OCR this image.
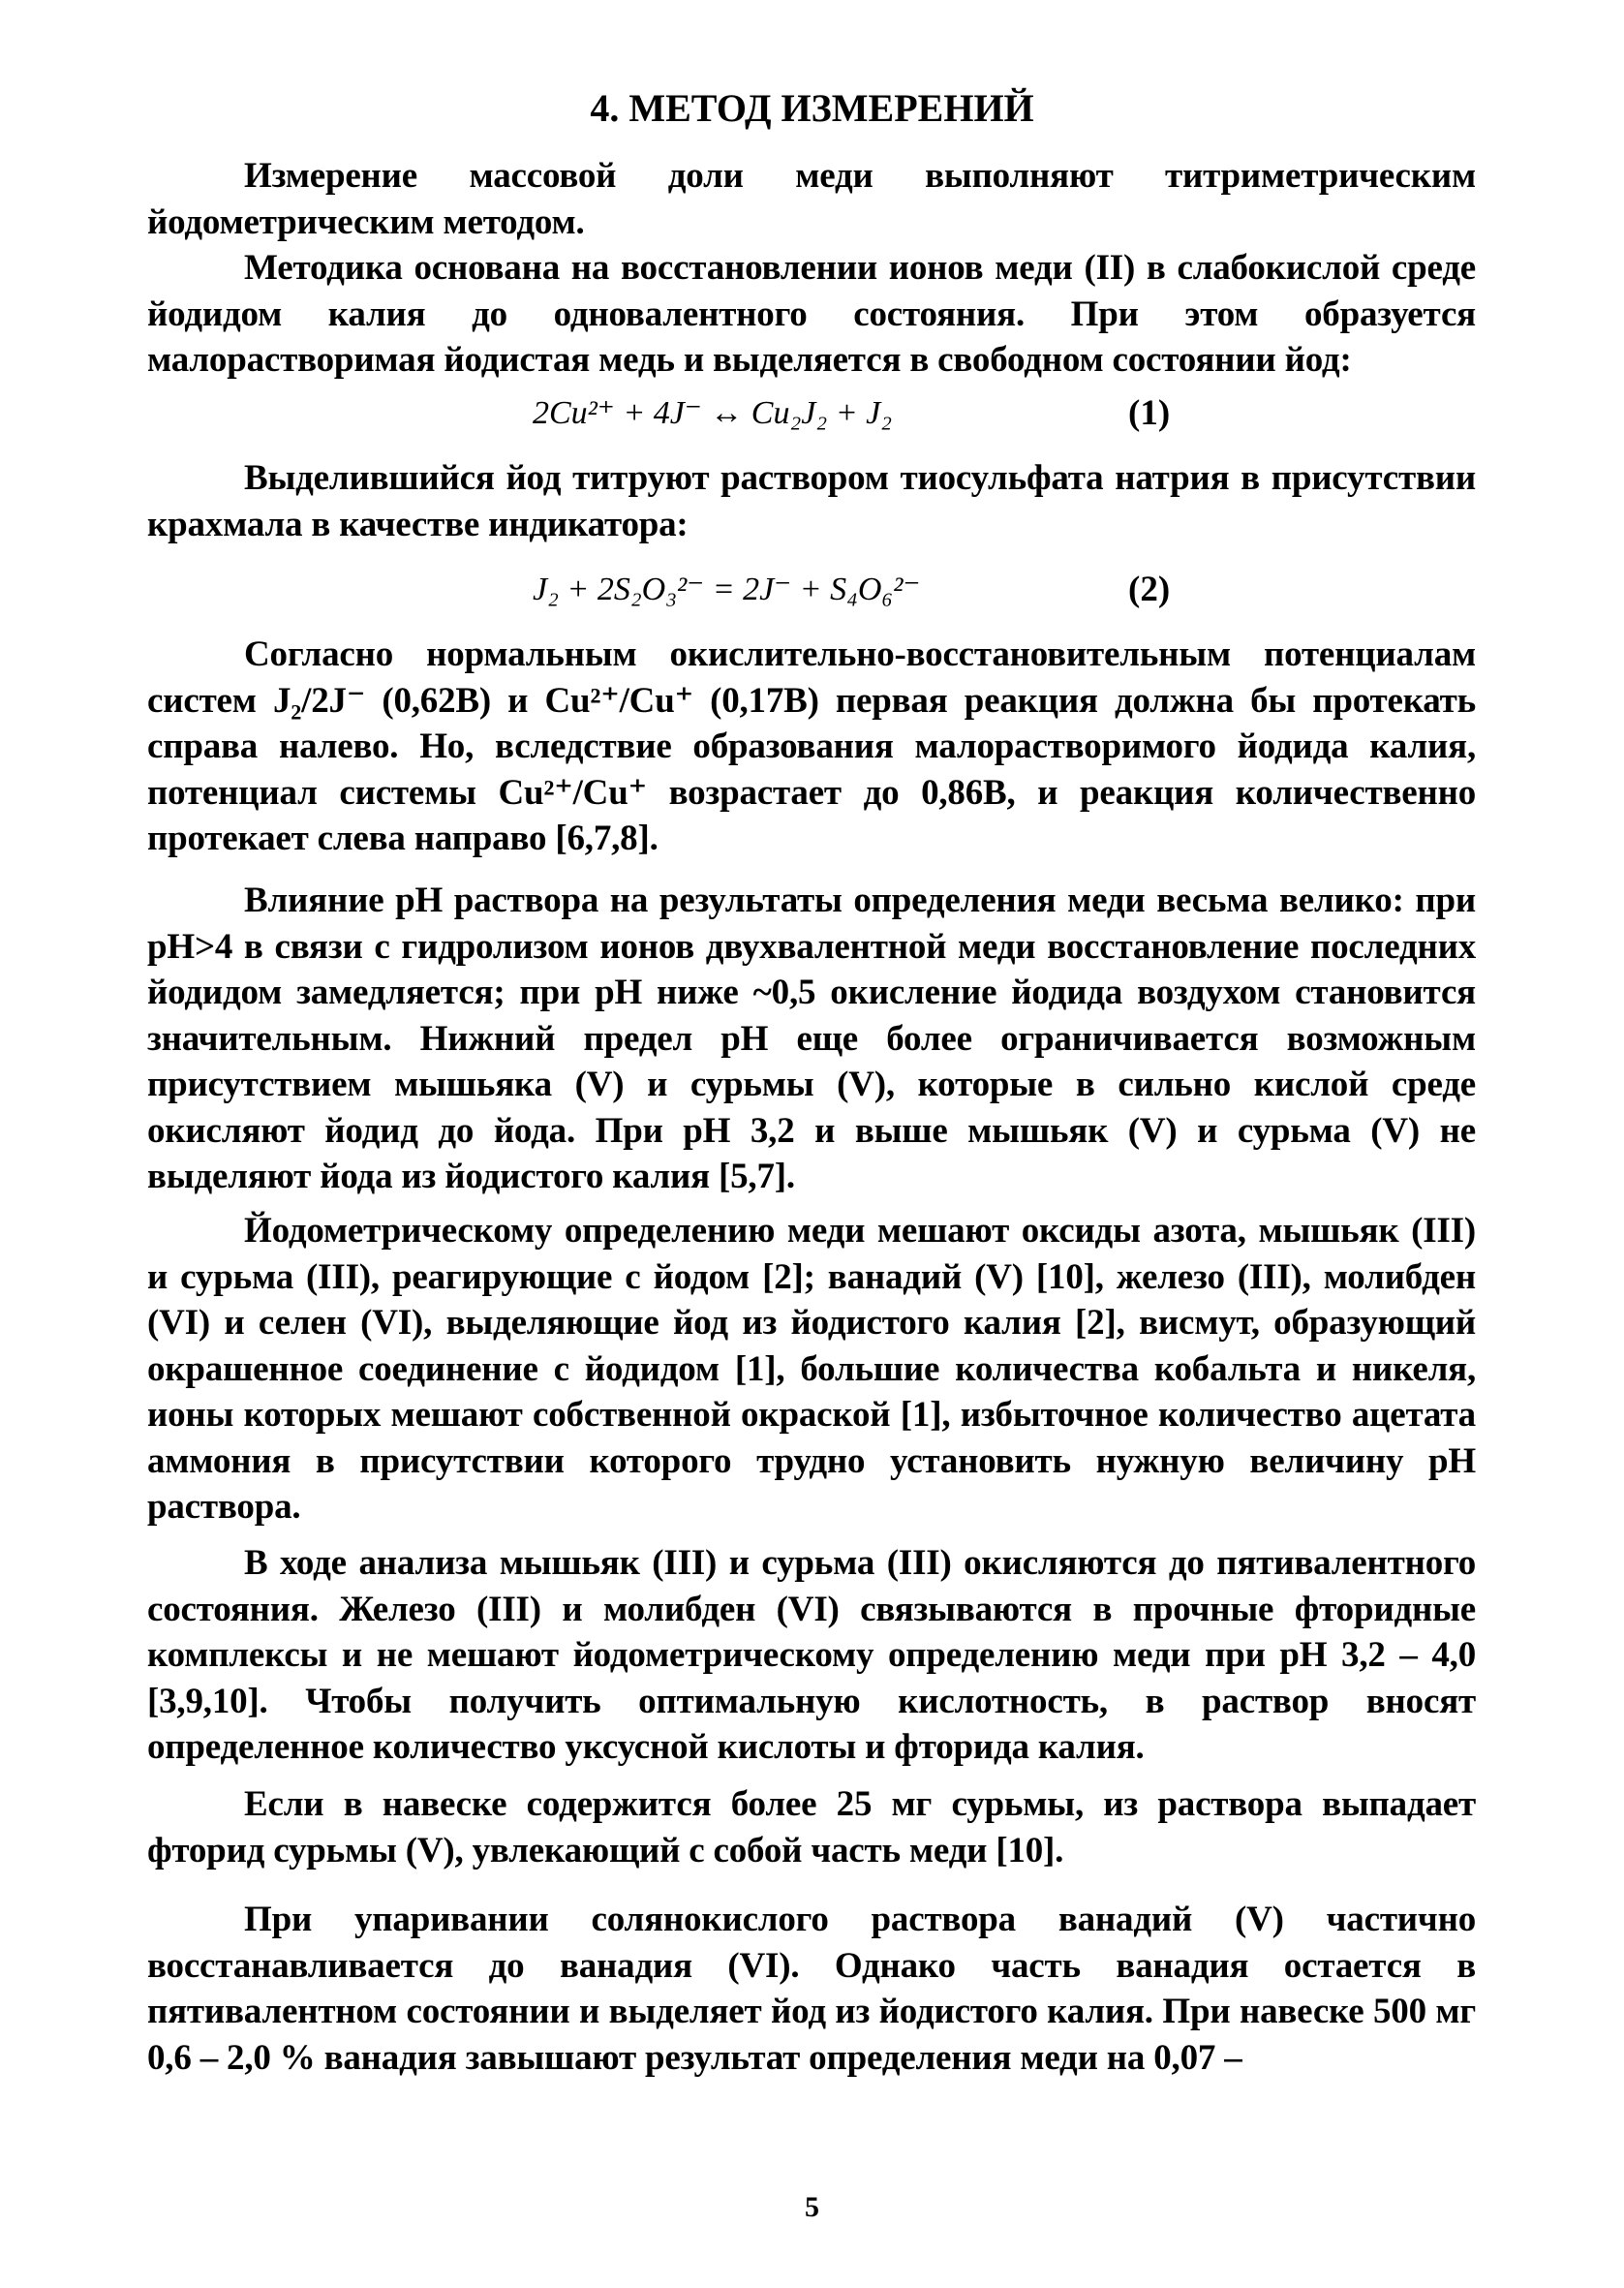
4. МЕТОД ИЗМЕРЕНИЙ

Измерение массовой доли меди выполняют титриметрическим йодометрическим методом.

Методика основана на восстановлении ионов меди (II) в слабокислой среде йодидом калия до одновалентного состояния. При этом образуется малорастворимая йодистая медь и выделяется в свободном состоянии йод:

2Cu²⁺ + 4J⁻ ↔ Cu₂J₂ + J₂	(1)

Выделившийся йод титруют раствором тиосульфата натрия в присутствии крахмала в качестве индикатора:

J₂ + 2S₂O₃²⁻ = 2J⁻ + S₄O₆²⁻	(2)

Согласно нормальным окислительно-восстановительным потенциалам систем J₂/2J⁻ (0,62В) и Cu²⁺/Cu⁺ (0,17В) первая реакция должна бы протекать справа налево. Но, вследствие образования малорастворимого йодида калия, потенциал системы Cu²⁺/Cu⁺ возрастает до 0,86В, и реакция количественно протекает слева направо [6,7,8].

Влияние pH раствора на результаты определения меди весьма велико: при pH>4 в связи с гидролизом ионов двухвалентной меди восстановление последних йодидом замедляется; при pH ниже ~0,5 окисление йодида воздухом становится значительным. Нижний предел pH еще более ограничивается возможным присутствием мышьяка (V) и сурьмы (V), которые в сильно кислой среде окисляют йодид до йода. При pH 3,2 и выше мышьяк (V) и сурьма (V) не выделяют йода из йодистого калия [5,7].

Йодометрическому определению меди мешают оксиды азота, мышьяк (III) и сурьма (III), реагирующие с йодом [2]; ванадий (V) [10], железо (III), молибден (VI) и селен (VI), выделяющие йод из йодистого калия [2], висмут, образующий окрашенное соединение с йодидом [1], большие количества кобальта и никеля, ионы которых мешают собственной окраской [1], избыточное количество ацетата аммония в присутствии которого трудно установить нужную величину pH раствора.

В ходе анализа мышьяк (III) и сурьма (III) окисляются до пятивалентного состояния. Железо (III) и молибден (VI) связываются в прочные фторидные комплексы и не мешают йодометрическому определению меди при pH 3,2 – 4,0 [3,9,10]. Чтобы получить оптимальную кислотность, в раствор вносят определенное количество уксусной кислоты и фторида калия.

Если в навеске содержится более 25 мг сурьмы, из раствора выпадает фторид сурьмы (V), увлекающий с собой часть меди [10].

При упаривании солянокислого раствора ванадий (V) частично восстанавливается до ванадия (VI). Однако часть ванадия остается в пятивалентном состоянии и выделяет йод из йодистого калия. При навеске 500 мг 0,6 – 2,0 % ванадия завышают результат определения меди на 0,07 –

5
